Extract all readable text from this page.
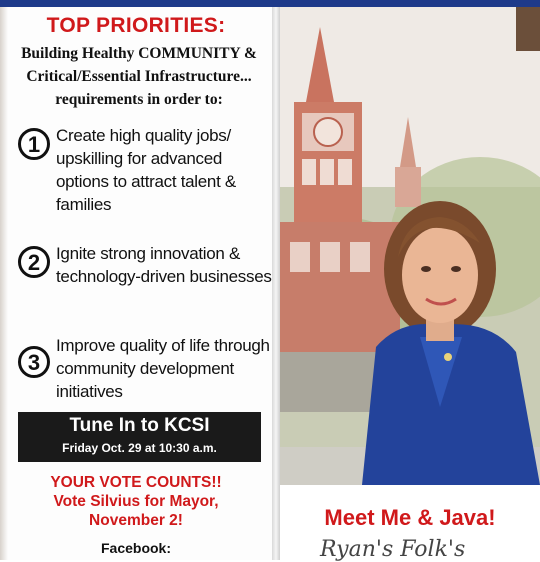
TOP PRIORITIES:
Building Healthy COMMUNITY & Critical/Essential Infrastructure... requirements in order to:
1 Create high quality jobs/ upskilling for advanced options to attract talent & families
2 Ignite strong innovation & technology-driven businesses
3
Improve quality of life through community development initiatives
Tune In to KCSI
Friday Oct. 29 at 10:30 a.m.
YOUR VOTE COUNTS!!
Vote Silvius for Mayor,
November 2!
Facebook:
Meet Me & Java!
Ryan's Folk's
